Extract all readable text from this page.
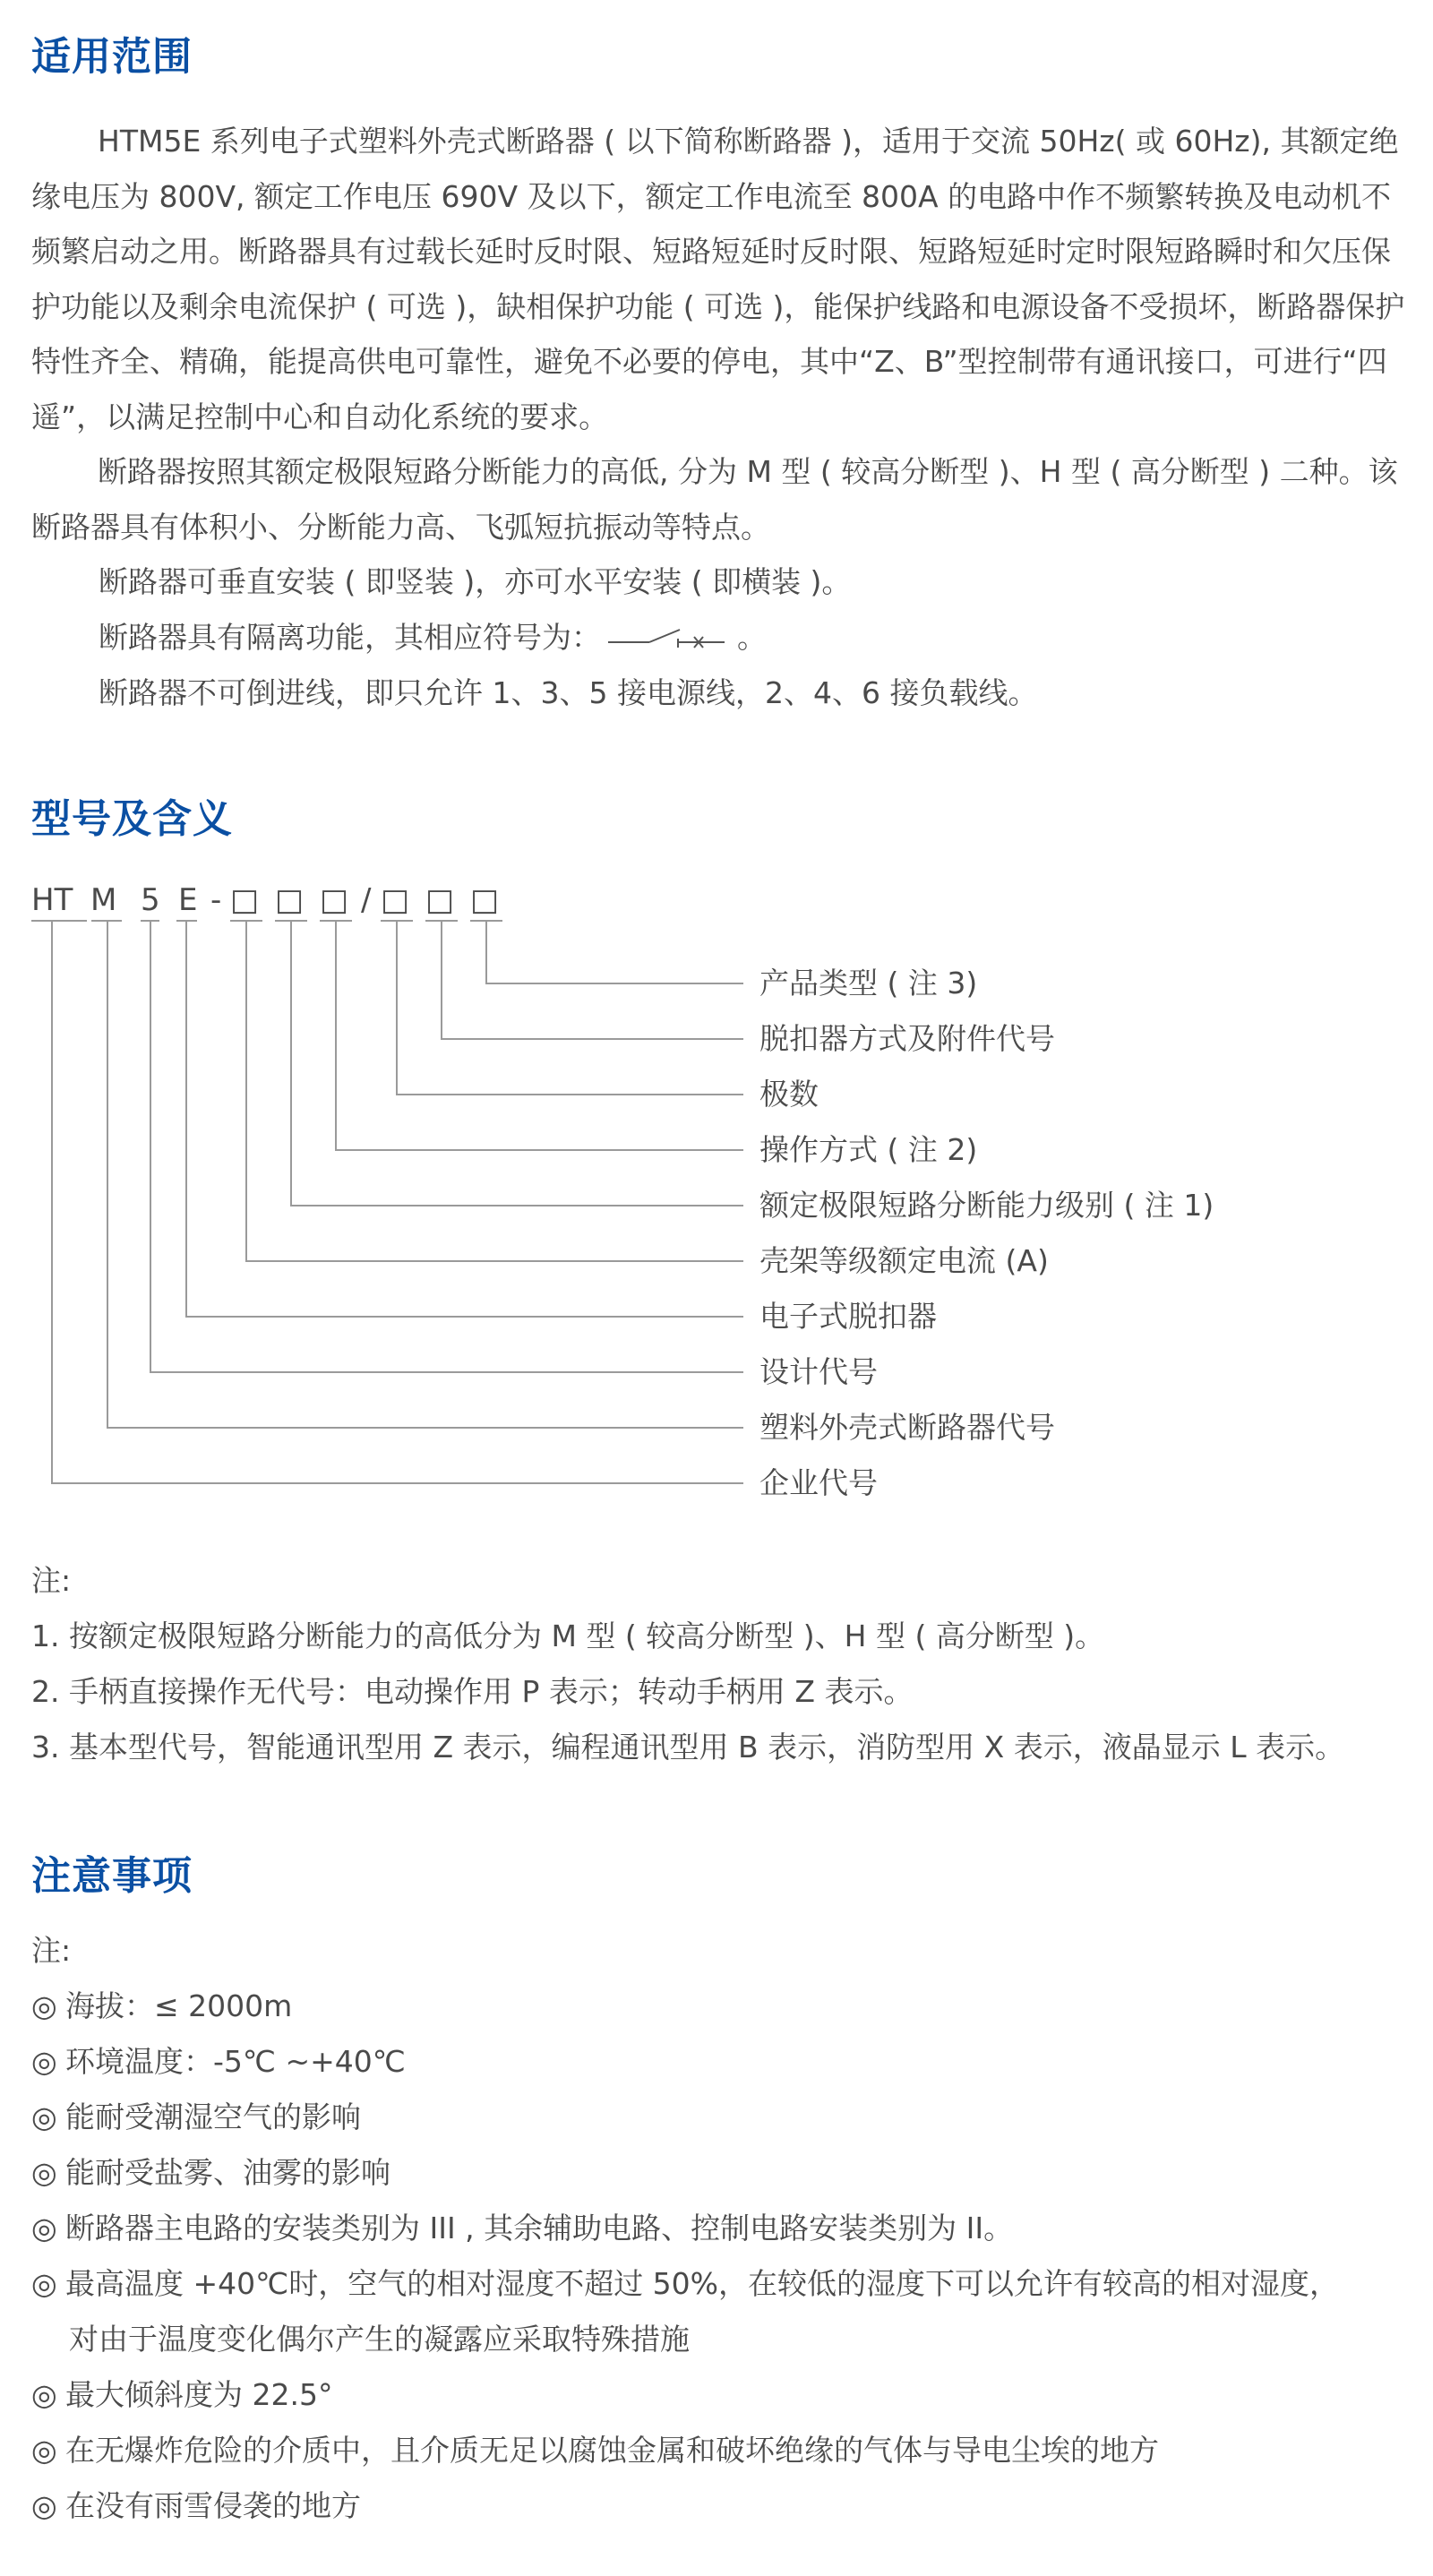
适用范围

HTM5E 系列电子式塑料外壳式断路器 ( 以下简称断路器 )，适用于交流 50Hz( 或 60Hz), 其额定绝缘电压为 800V, 额定工作电压 690V 及以下，额定工作电流至 800A 的电路中作不频繁转换及电动机不频繁启动之用。断路器具有过载长延时反时限、短路短延时反时限、短路短延时定时限短路瞬时和欠压保护功能以及剩余电流保护 ( 可选 )，缺相保护功能 ( 可选 )，能保护线路和电源设备不受损坏，断路器保护特性齐全、精确，能提高供电可靠性，避免不必要的停电，其中“Z、B”型控制带有通讯接口，可进行“四遥”，以满足控制中心和自动化系统的要求。

断路器按照其额定极限短路分断能力的高低, 分为 M 型 ( 较高分断型 )、H 型 ( 高分断型 ) 二种。该断路器具有体积小、分断能力高、飞弧短抗振动等特点。

断路器可垂直安装 ( 即竖装 )，亦可水平安装 ( 即横装 )。

断路器具有隔离功能，其相应符号为：	。

断路器不可倒进线，即只允许 1、3、5 接电源线，2、4、6 接负载线。

型号及含义
HT M 5 E - □ □ □ / □ □ □
产品类型 ( 注 3)
脱扣器方式及附件代号
极数
操作方式 ( 注 2)
额定极限短路分断能力级别 ( 注 1)
壳架等级额定电流 (A)
电子式脱扣器
设计代号
塑料外壳式断路器代号
企业代号

注:

1. 按额定极限短路分断能力的高低分为 M 型 ( 较高分断型 )、H 型 ( 高分断型 )。

2. 手柄直接操作无代号：电动操作用 P 表示；转动手柄用 Z 表示。

3. 基本型代号，智能通讯型用 Z 表示，编程通讯型用 B 表示，消防型用 X 表示，液晶显示 L 表示。

注意事项

注:

◎ 海拔：≤ 2000m
◎ 环境温度：-5℃ ~+40℃
◎ 能耐受潮湿空气的影响
◎ 能耐受盐雾、油雾的影响
◎ 断路器主电路的安装类别为 III , 其余辅助电路、控制电路安装类别为 II。
◎ 最高温度 +40℃时，空气的相对湿度不超过 50%，在较低的湿度下可以允许有较高的相对湿度，
对由于温度变化偶尔产生的凝露应采取特殊措施
◎ 最大倾斜度为 22.5°
◎ 在无爆炸危险的介质中，且介质无足以腐蚀金属和破坏绝缘的气体与导电尘埃的地方
◎ 在没有雨雪侵袭的地方
